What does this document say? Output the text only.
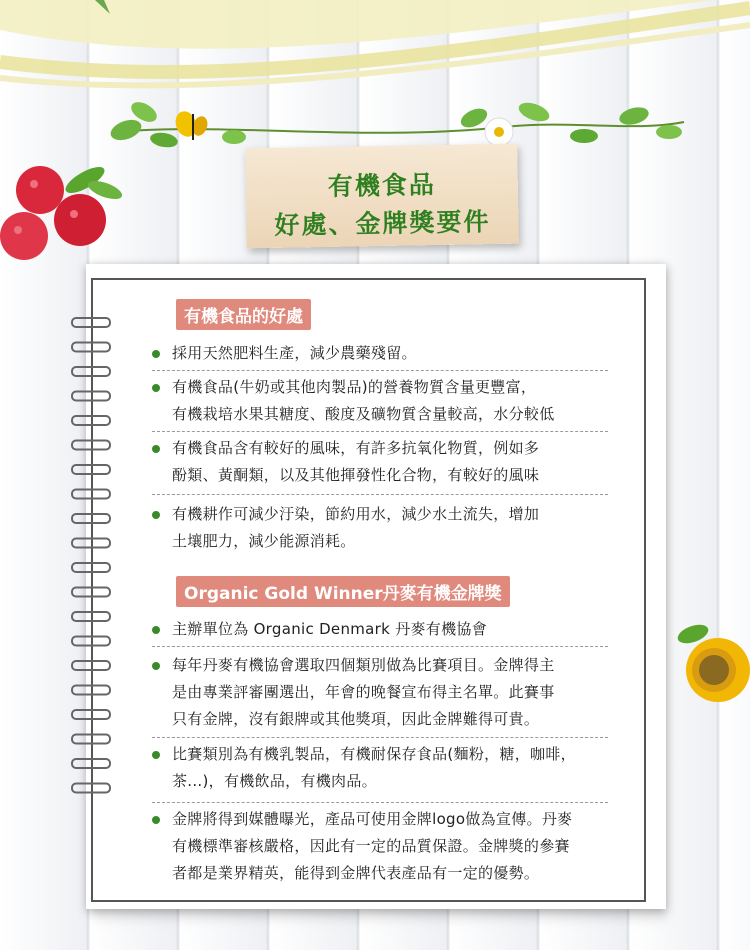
有機食品
好處、金牌獎要件
有機食品的好處
採用天然肥料生產，減少農藥殘留。
有機食品(牛奶或其他肉製品)的營養物質含量更豐富，
有機栽培水果其糖度、酸度及礦物質含量較高，水分較低
有機食品含有較好的風味，有許多抗氧化物質，例如多
酚類、黃酮類，以及其他揮發性化合物，有較好的風味
有機耕作可減少汙染，節約用水，減少水土流失，增加
土壤肥力，減少能源消耗。
Organic Gold Winner丹麥有機金牌獎
主辦單位為 Organic Denmark 丹麥有機協會
每年丹麥有機協會選取四個類別做為比賽項目。金牌得主
是由專業評審團選出，年會的晚餐宣布得主名單。此賽事
只有金牌，沒有銀牌或其他獎項，因此金牌難得可貴。
比賽類別為有機乳製品，有機耐保存食品(麵粉，糖，咖啡，
茶...)，有機飲品，有機肉品。
金牌將得到媒體曝光，產品可使用金牌logo做為宣傳。丹麥
有機標準審核嚴格，因此有一定的品質保證。金牌獎的參賽
者都是業界精英，能得到金牌代表產品有一定的優勢。
